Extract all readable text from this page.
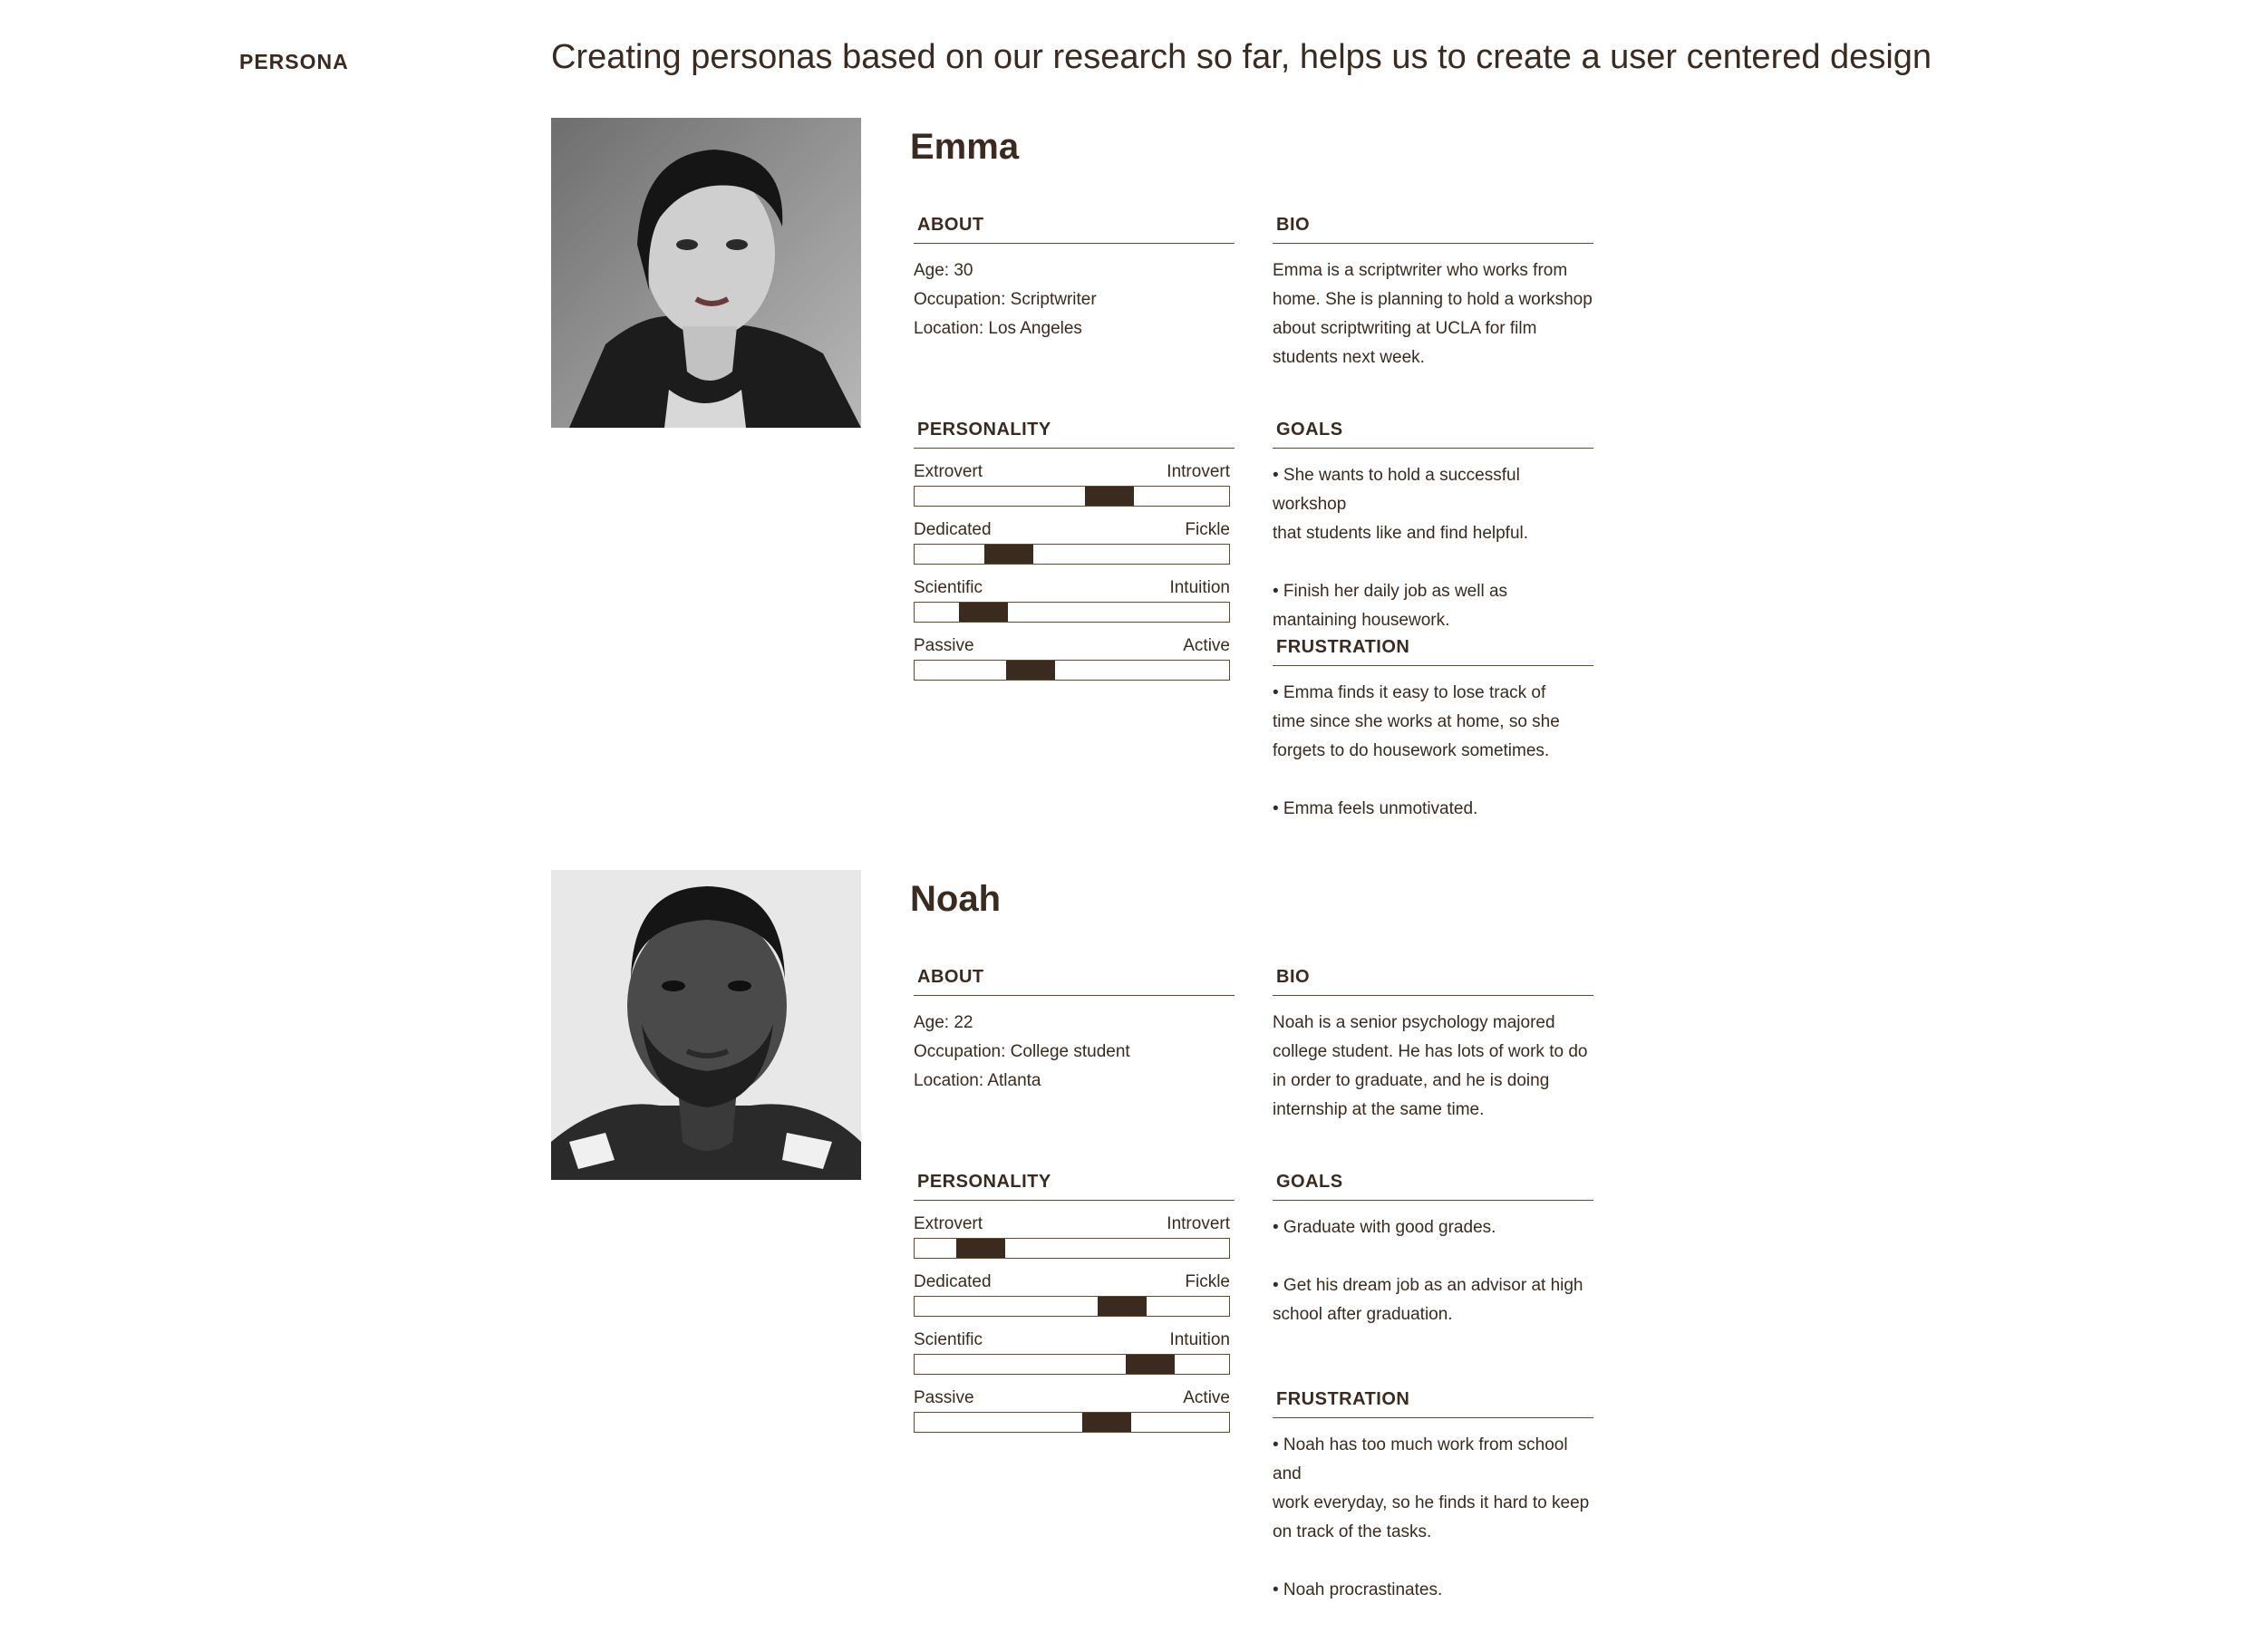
PERSONA	Creating personas based on our research so far, helps us to create a user centered design
Emma
ABOUT
Age: 30
Occupation: Scriptwriter
Location: Los Angeles
BIO
Emma is a scriptwriter who works from
home. She is planning to hold a workshop
about scriptwriting at UCLA for film
students next week.
PERSONALITY
Extrovert	Introvert
Dedicated	Fickle
Scientific	Intuition
Passive	Active
GOALS
• She wants to hold a successful workshop
that students like and find helpful.
• Finish her daily job as well as
mantaining housework.
FRUSTRATION
• Emma finds it easy to lose track of
time since she works at home, so she
forgets to do housework sometimes.
• Emma feels unmotivated.
Noah
ABOUT
Age: 22
Occupation: College student
Location: Atlanta
BIO
Noah is a senior psychology majored
college student. He has lots of work to do
in order to graduate, and he is doing
internship at the same time.
PERSONALITY
Extrovert	Introvert
Dedicated	Fickle
Scientific	Intuition
Passive	Active
GOALS
• Graduate with good grades.
• Get his dream job as an advisor at high
school after graduation.
FRUSTRATION
• Noah has too much work from school and
work everyday, so he finds it hard to keep
on track of the tasks.
• Noah procrastinates.
